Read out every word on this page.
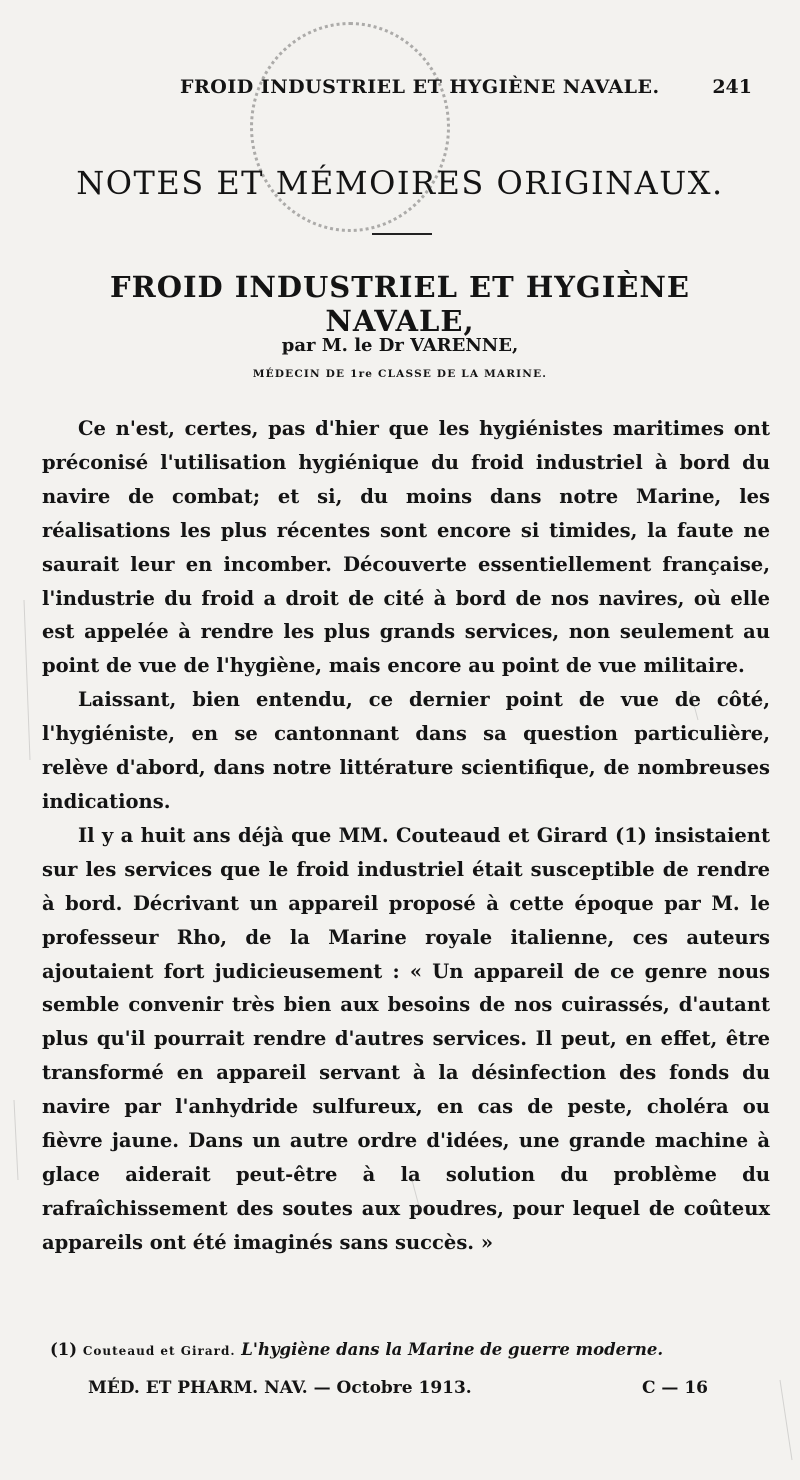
FROID INDUSTRIEL ET HYGIÈNE NAVALE.	241
NOTES ET MÉMOIRES ORIGINAUX.
FROID INDUSTRIEL ET HYGIÈNE NAVALE,
par M. le Dr VARENNE,
MÉDECIN DE 1re CLASSE DE LA MARINE.

Ce n'est, certes, pas d'hier que les hygiénistes maritimes ont préconisé l'utilisation hygiénique du froid industriel à bord du navire de combat; et si, du moins dans notre Marine, les réalisations les plus récentes sont encore si timides, la faute ne saurait leur en incomber. Découverte essentiellement française, l'industrie du froid a droit de cité à bord de nos navires, où elle est appelée à rendre les plus grands services, non seulement au point de vue de l'hygiène, mais encore au point de vue militaire.

Laissant, bien entendu, ce dernier point de vue de côté, l'hygiéniste, en se cantonnant dans sa question particulière, relève d'abord, dans notre littérature scientifique, de nombreuses indications.

Il y a huit ans déjà que MM. Couteaud et Girard (1) insistaient sur les services que le froid industriel était susceptible de rendre à bord. Décrivant un appareil proposé à cette époque par M. le professeur Rho, de la Marine royale italienne, ces auteurs ajoutaient fort judicieusement : « Un appareil de ce genre nous semble convenir très bien aux besoins de nos cuirassés, d'autant plus qu'il pourrait rendre d'autres services. Il peut, en effet, être transformé en appareil servant à la désinfection des fonds du navire par l'anhydride sulfureux, en cas de peste, choléra ou fièvre jaune. Dans un autre ordre d'idées, une grande machine à glace aiderait peut-être à la solution du problème du rafraîchissement des soutes aux poudres, pour lequel de coûteux appareils ont été imaginés sans succès. »

(1) Couteaud et Girard. L'hygiène dans la Marine de guerre moderne.
MÉD. ET PHARM. NAV. — Octobre 1913.	C — 16
